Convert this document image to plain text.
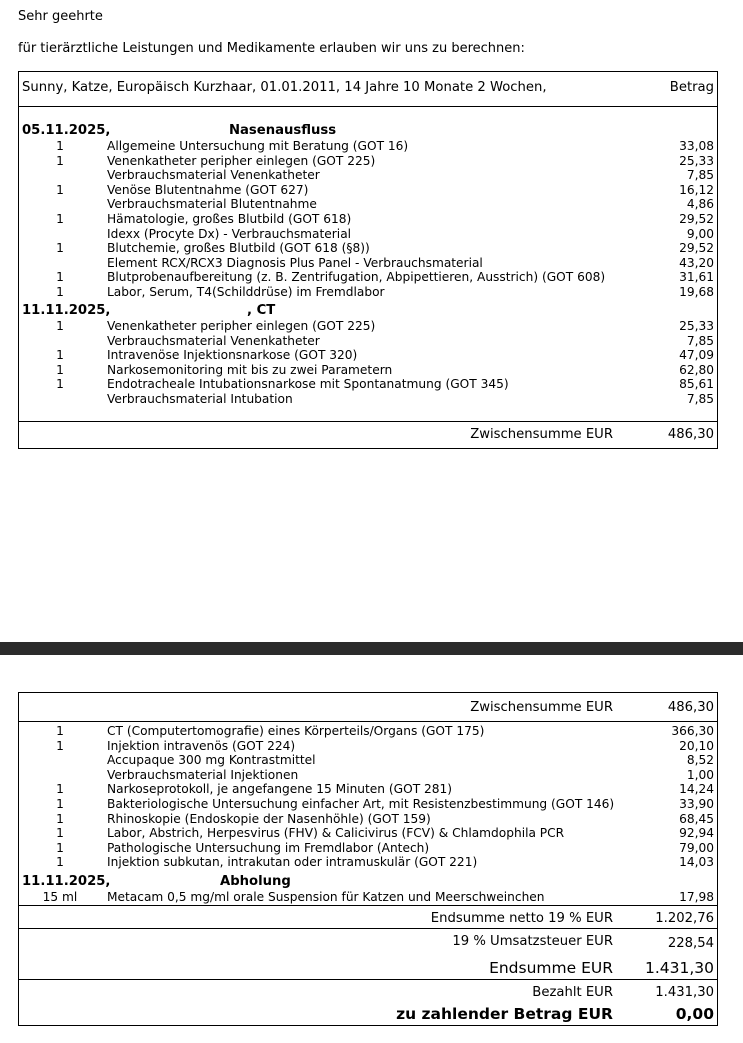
Sehr geehrte
für tierärztliche Leistungen und Medikamente erlauben wir uns zu berechnen:
Sunny, Katze, Europäisch Kurzhaar, 01.01.2011, 14 Jahre 10 Monate 2 Wochen,	Betrag
05.11.2025,	Nasenausfluss
1	Allgemeine Untersuchung mit Beratung (GOT 16)	33,08
1	Venenkatheter peripher einlegen (GOT 225)	25,33
Verbrauchsmaterial Venenkatheter	7,85
1	Venöse Blutentnahme (GOT 627)	16,12
Verbrauchsmaterial Blutentnahme	4,86
1	Hämatologie, großes Blutbild (GOT 618)	29,52
Idexx (Procyte Dx) - Verbrauchsmaterial	9,00
1	Blutchemie, großes Blutbild (GOT 618 (§8))	29,52
Element RCX/RCX3 Diagnosis Plus Panel - Verbrauchsmaterial	43,20
1	Blutprobenaufbereitung (z. B. Zentrifugation, Abpipettieren, Ausstrich) (GOT 608)	31,61
1	Labor, Serum, T4(Schilddrüse) im Fremdlabor	19,68
11.11.2025,	, CT
1	Venenkatheter peripher einlegen (GOT 225)	25,33
Verbrauchsmaterial Venenkatheter	7,85
1	Intravenöse Injektionsnarkose (GOT 320)	47,09
1	Narkosemonitoring mit bis zu zwei Parametern	62,80
1	Endotracheale Intubationsnarkose mit Spontanatmung (GOT 345)	85,61
Verbrauchsmaterial Intubation	7,85
Zwischensumme EUR	486,30
Zwischensumme EUR	486,30
1	CT (Computertomografie) eines Körperteils/Organs (GOT 175)	366,30
1	Injektion intravenös (GOT 224)	20,10
Accupaque 300 mg Kontrastmittel	8,52
Verbrauchsmaterial Injektionen	1,00
1	Narkoseprotokoll, je angefangene 15 Minuten (GOT 281)	14,24
1	Bakteriologische Untersuchung einfacher Art, mit Resistenzbestimmung (GOT 146)	33,90
1	Rhinoskopie (Endoskopie der Nasenhöhle) (GOT 159)	68,45
1	Labor, Abstrich, Herpesvirus (FHV) & Calicivirus (FCV) & Chlamdophila PCR	92,94
1	Pathologische Untersuchung im Fremdlabor (Antech)	79,00
1	Injektion subkutan, intrakutan oder intramuskulär (GOT 221)	14,03
11.11.2025,	Abholung
15 ml	Metacam 0,5 mg/ml orale Suspension für Katzen und Meerschweinchen	17,98
Endsumme netto 19 % EUR	1.202,76
19 % Umsatzsteuer EUR	228,54
Endsumme EUR 1.431,30
Bezahlt EUR	1.431,30
zu zahlender Betrag EUR	0,00
